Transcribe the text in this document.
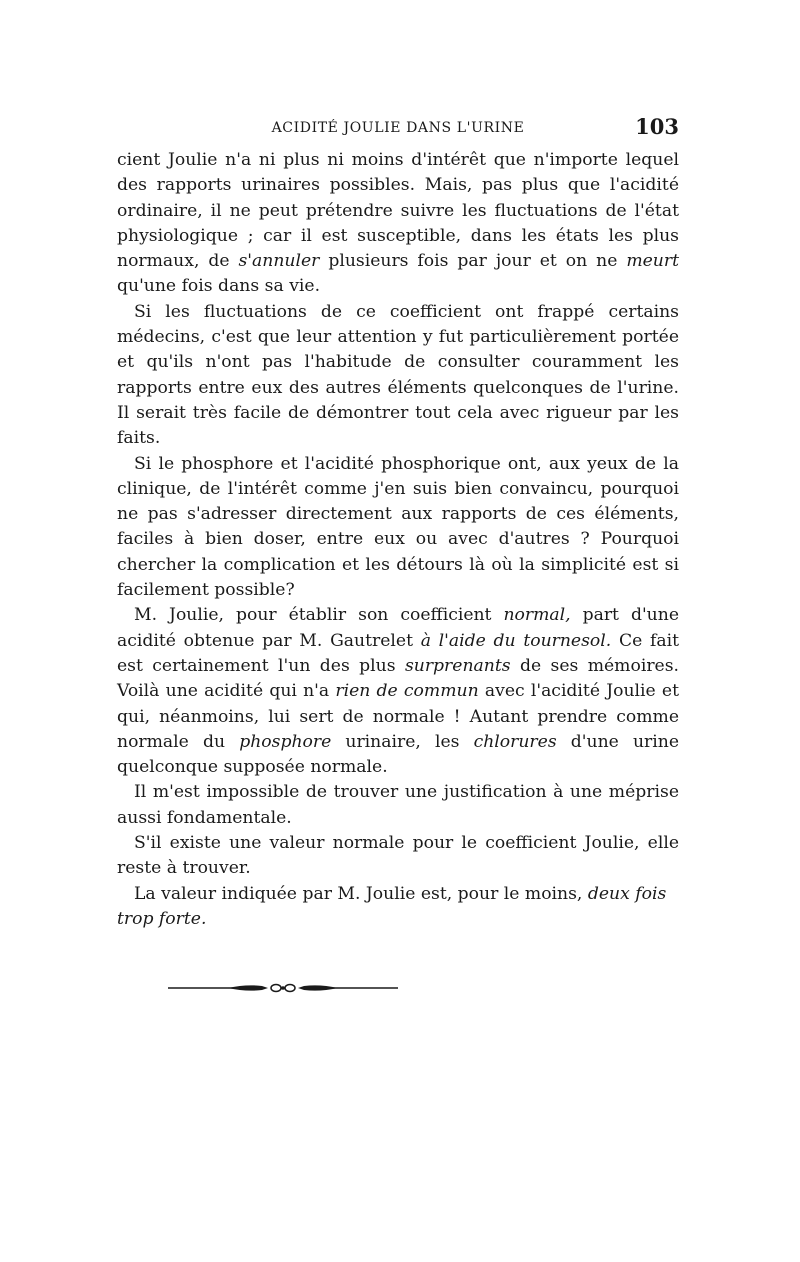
ACIDITÉ JOULIE DANS L'URINE	103

cient Joulie n'a ni plus ni moins d'intérêt que n'importe lequel des rapports urinaires possibles. Mais, pas plus que l'acidité ordinaire, il ne peut prétendre suivre les fluctuations de l'état physiologique ; car il est susceptible, dans les états les plus normaux, de s'annuler plusieurs fois par jour et on ne meurt qu'une fois dans sa vie.

Si les fluctuations de ce coefficient ont frappé certains médecins, c'est que leur attention y fut particulièrement portée et qu'ils n'ont pas l'habitude de consulter couramment les rapports entre eux des autres éléments quelconques de l'urine. Il serait très facile de démontrer tout cela avec rigueur par les faits.

Si le phosphore et l'acidité phosphorique ont, aux yeux de la clinique, de l'intérêt comme j'en suis bien convaincu, pourquoi ne pas s'adresser directement aux rapports de ces éléments, faciles à bien doser, entre eux ou avec d'autres ? Pourquoi chercher la complication et les détours là où la simplicité est si facilement possible?

M. Joulie, pour établir son coefficient normal, part d'une acidité obtenue par M. Gautrelet à l'aide du tournesol. Ce fait est certainement l'un des plus surprenants de ses mémoires. Voilà une acidité qui n'a rien de commun avec l'acidité Joulie et qui, néanmoins, lui sert de normale ! Autant prendre comme normale du phosphore urinaire, les chlorures d'une urine quelconque supposée normale.

Il m'est impossible de trouver une justification à une méprise aussi fondamentale.

S'il existe une valeur normale pour le coefficient Joulie, elle reste à trouver.

La valeur indiquée par M. Joulie est, pour le moins, deux fois trop forte.
